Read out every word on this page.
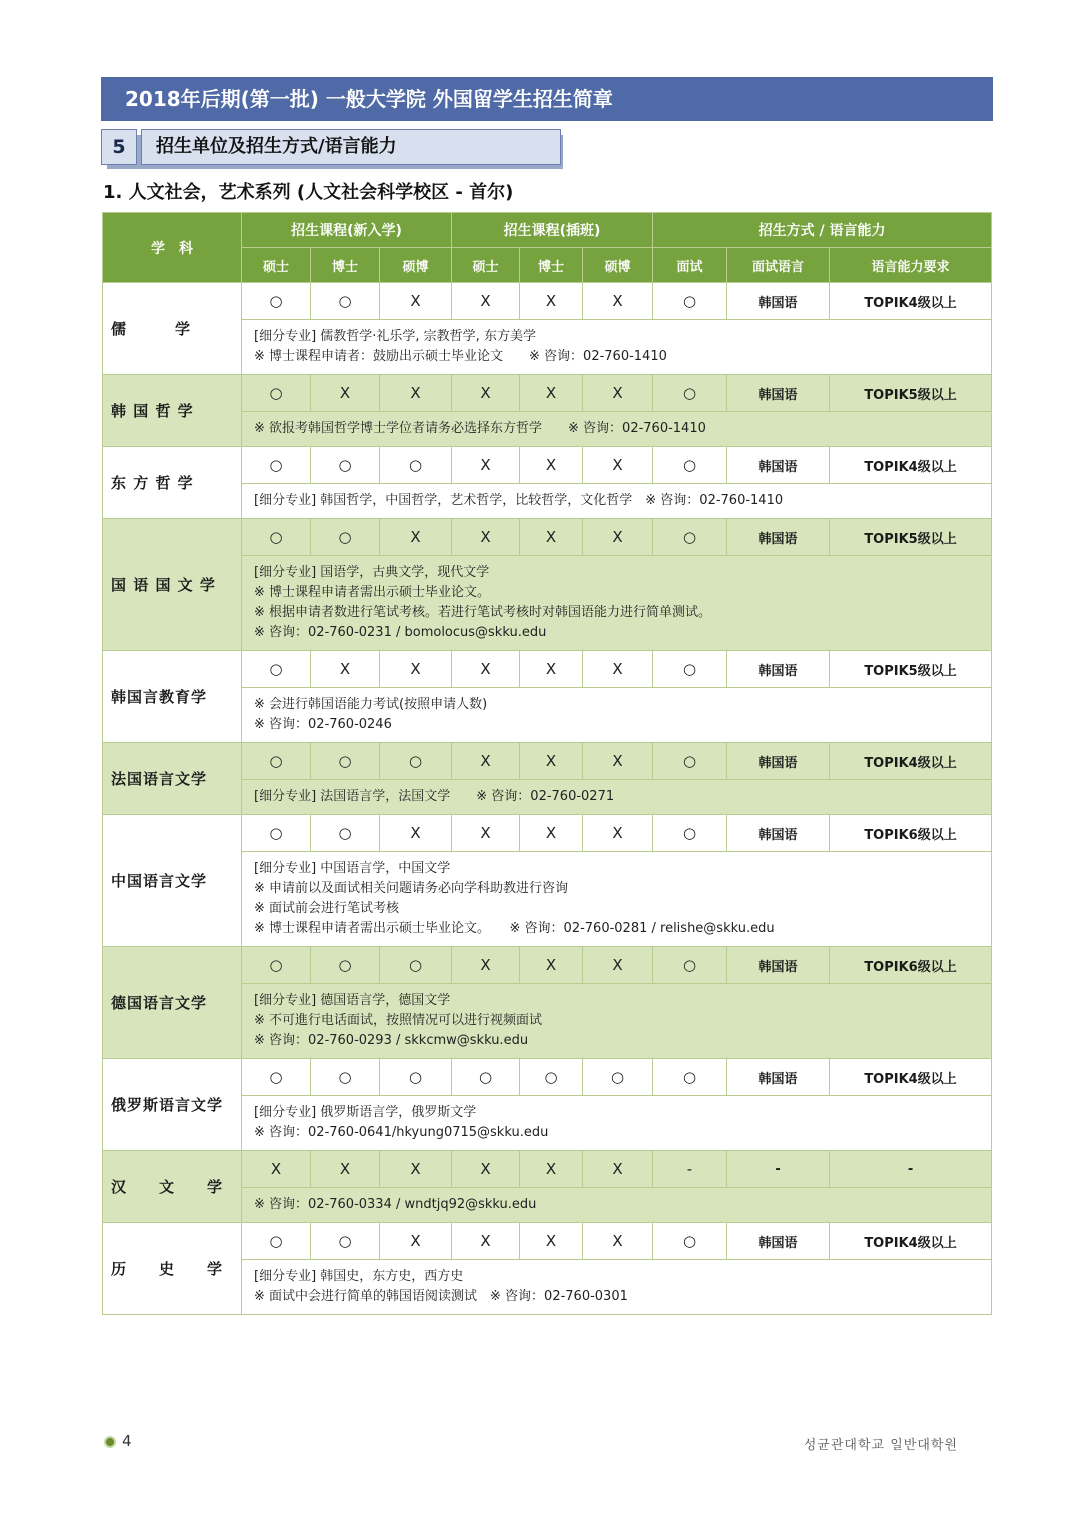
2018年后期(第一批) 一般大学院 外国留学生招生简章
5	招生单位及招生方式/语言能力
1. 人文社会，艺术系列 (人文社会科学校区 - 首尔)
学　科	招生课程(新入学)			招生课程(插班)			招生方式 / 语言能力		
	硕士	博士	硕博	硕士	博士	硕博	面试	面试语言	语言能力要求
儒　　　学	○	○	X	X	X	X	○	韩国语	TOPIK4级以上

	[细分专业] 儒教哲学·礼乐学, 宗教哲学, 东方美学
※ 博士课程申请者：鼓励出示硕士毕业论文　　※ 咨询：02-760-1410								

韩 国 哲 学	○	X	X	X	X	X	○	韩国语	TOPIK5级以上

	※ 欲报考韩国哲学博士学位者请务必选择东方哲学　　※ 咨询：02-760-1410								

东 方 哲 学	○	○	○	X	X	X	○	韩国语	TOPIK4级以上

	[细分专业] 韩国哲学，中国哲学，艺术哲学，比较哲学，文化哲学　※ 咨询：02-760-1410								

国 语 国 文 学	○	○	X	X	X	X	○	韩国语	TOPIK5级以上

	[细分专业] 国语学，古典文学，现代文学
※ 博士课程申请者需出示硕士毕业论文。
※ 根据申请者数进行笔试考核。若进行笔试考核时对韩国语能力进行简单测试。
※ 咨询：02-760-0231 / bomolocus@skku.edu								

韩国言教育学	○	X	X	X	X	X	○	韩国语	TOPIK5级以上

	※ 会进行韩国语能力考试(按照申请人数)
※ 咨询：02-760-0246								

法国语言文学	○	○	○	X	X	X	○	韩国语	TOPIK4级以上

	[细分专业] 法国语言学，法国文学　　※ 咨询：02-760-0271								

中国语言文学	○	○	X	X	X	X	○	韩国语	TOPIK6级以上

	[细分专业] 中国语言学，中国文学
※ 申请前以及面试相关问题请务必向学科助教进行咨询
※ 面试前会进行笔试考核
※ 博士课程申请者需出示硕士毕业论文。　　※ 咨询：02-760-0281 / relishe@skku.edu								

德国语言文学	○	○	○	X	X	X	○	韩国语	TOPIK6级以上

	[细分专业] 德国语言学，德国文学
※ 不可進行电话面试，按照情况可以进行视频面试
※ 咨询：02-760-0293 / skkcmw@skku.edu								

俄罗斯语言文学	○	○	○	○	○	○	○	韩国语	TOPIK4级以上

	[细分专业] 俄罗斯语言学，俄罗斯文学
※ 咨询：02-760-0641/hkyung0715@skku.edu								

汉　　文　　学	X	X	X	X	X	X	-	-	-

	※ 咨询：02-760-0334 / wndtjq92@skku.edu								

历　　史　　学	○	○	X	X	X	X	○	韩国语	TOPIK4级以上

	[细分专业] 韩国史，东方史，西方史
※ 面试中会进行简单的韩国语阅读测试　※ 咨询：02-760-0301								
4	성균관대학교 일반대학원
